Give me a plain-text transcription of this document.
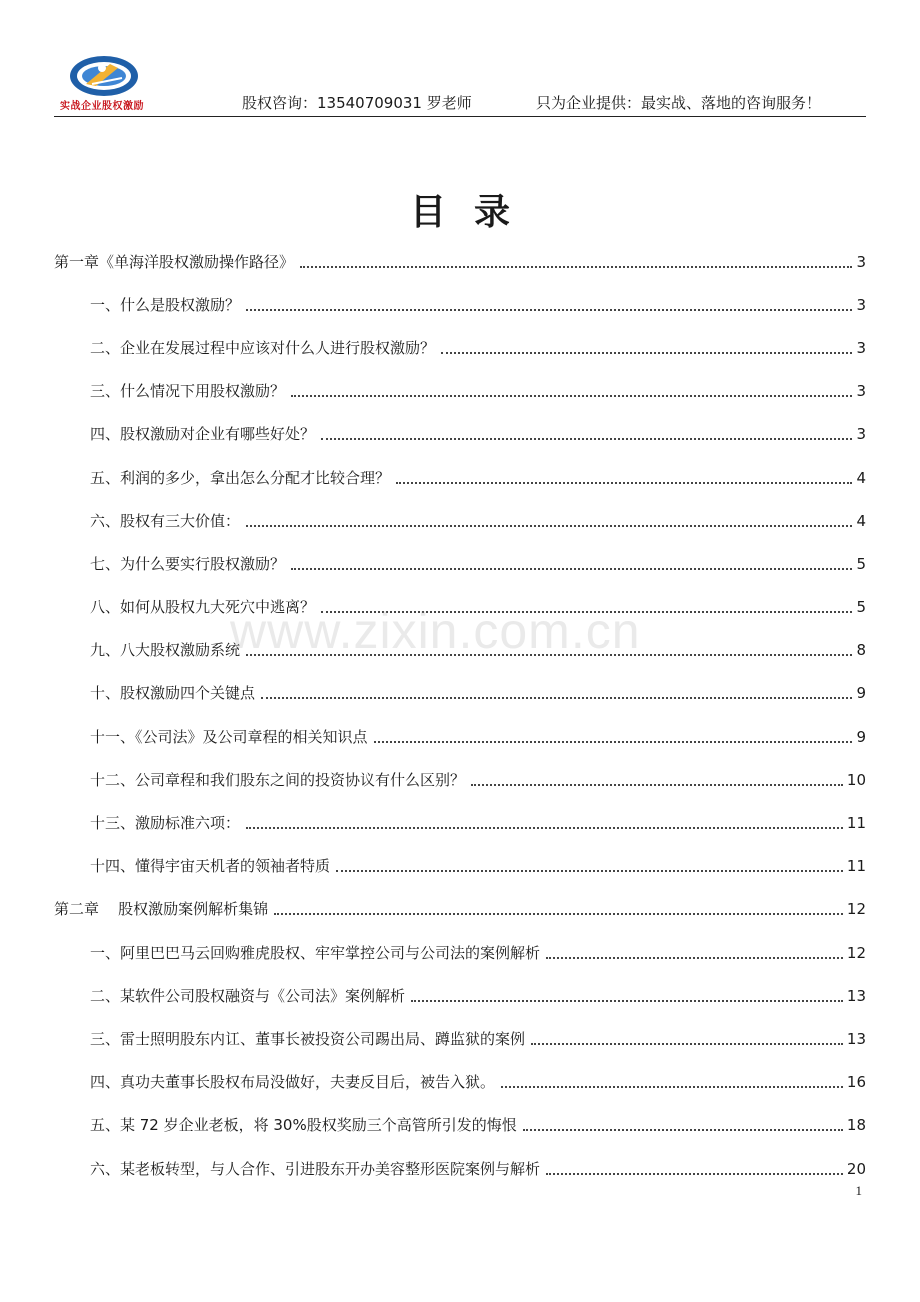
实战企业股权激励	股权咨询：13540709031 罗老师	只为企业提供：最实战、落地的咨询服务！
目录
第一章《单海洋股权激励操作路径》	3
一、什么是股权激励？	3
二、企业在发展过程中应该对什么人进行股权激励？	3
三、什么情况下用股权激励？	3
四、股权激励对企业有哪些好处？	3
五、利润的多少，拿出怎么分配才比较合理？	4
六、股权有三大价值：	4
七、为什么要实行股权激励？	5
八、如何从股权九大死穴中逃离？	5
九、八大股权激励系统	8
十、股权激励四个关键点	9
十一、《公司法》及公司章程的相关知识点	9
十二、公司章程和我们股东之间的投资协议有什么区别？	10
十三、激励标准六项：	11
十四、懂得宇宙天机者的领袖者特质	11
第二章    股权激励案例解析集锦	12
一、阿里巴巴马云回购雅虎股权、牢牢掌控公司与公司法的案例解析	12
二、某软件公司股权融资与《公司法》案例解析	13
三、雷士照明股东内讧、董事长被投资公司踢出局、蹲监狱的案例	13
四、真功夫董事长股权布局没做好，夫妻反目后，被告入狱。	16
五、某 72 岁企业老板，将 30%股权奖励三个高管所引发的悔恨	18
六、某老板转型，与人合作、引进股东开办美容整形医院案例与解析	20
www.zixin.com.cn
1
